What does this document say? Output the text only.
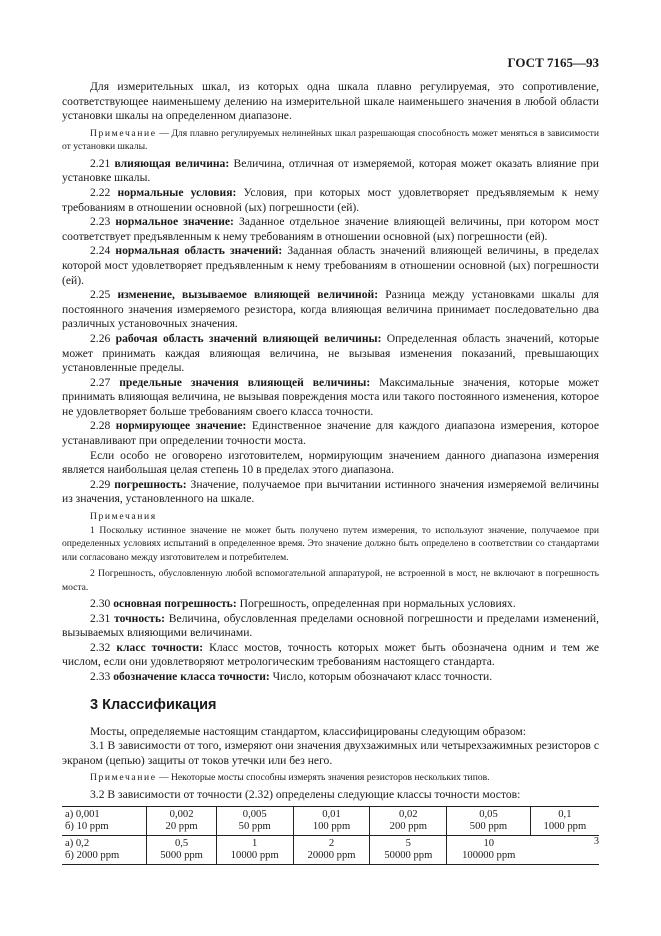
ГОСТ 7165—93

Для измерительных шкал, из которых одна шкала плавно регулируемая, это сопротивление, соответствующее наименьшему делению на измерительной шкале наименьшего значения в любой области установки шкалы на определенном диапазоне.

Примечание — Для плавно регулируемых нелинейных шкал разрешающая способность может меняться в зависимости от установки шкалы.

2.21 влияющая величина: Величина, отличная от измеряемой, которая может оказать влияние при установке шкалы.

2.22 нормальные условия: Условия, при которых мост удовлетворяет предъявляемым к нему требованиям в отношении основной (ых) погрешности (ей).

2.23 нормальное значение: Заданное отдельное значение влияющей величины, при котором мост соответствует предъявленным к нему требованиям в отношении основной (ых) погрешности (ей).

2.24 нормальная область значений: Заданная область значений влияющей величины, в пределах которой мост удовлетворяет предъявленным к нему требованиям в отношении основной (ых) погрешности (ей).

2.25 изменение, вызываемое влияющей величиной: Разница между установками шкалы для постоянного значения измеряемого резистора, когда влияющая величина принимает последовательно два различных установочных значения.

2.26 рабочая область значений влияющей величины: Определенная область значений, которые может принимать каждая влияющая величина, не вызывая изменения показаний, превышающих установленные пределы.

2.27 предельные значения влияющей величины: Максимальные значения, которые может принимать влияющая величина, не вызывая повреждения моста или такого постоянного изменения, которое не удовлетворяет больше требованиям своего класса точности.

2.28 нормирующее значение: Единственное значение для каждого диапазона измерения, которое устанавливают при определении точности моста.

Если особо не оговорено изготовителем, нормирующим значением данного диапазона измерения является наибольшая целая степень 10 в пределах этого диапазона.

2.29 погрешность: Значение, получаемое при вычитании истинного значения измеряемой величины из значения, установленного на шкале.

Примечания

1 Поскольку истинное значение не может быть получено путем измерения, то используют значение, получаемое при определенных условиях испытаний в определенное время. Это значение должно быть определено в соответствии со стандартами или согласовано между изготовителем и потребителем.

2 Погрешность, обусловленную любой вспомогательной аппаратурой, не встроенной в мост, не включают в погрешность моста.

2.30 основная погрешность: Погрешность, определенная при нормальных условиях.

2.31 точность: Величина, обусловленная пределами основной погрешности и пределами изменений, вызываемых влияющими величинами.

2.32 класс точности: Класс мостов, точность которых может быть обозначена одним и тем же числом, если они удовлетворяют метрологическим требованиям настоящего стандарта.

2.33 обозначение класса точности: Число, которым обозначают класс точности.

3 Классификация

Мосты, определяемые настоящим стандартом, классифицированы следующим образом:

3.1 В зависимости от того, измеряют они значения двухзажимных или четырехзажимных резисторов с экраном (цепью) защиты от токов утечки или без него.

Примечание — Некоторые мосты способны измерять значения резисторов нескольких типов.

3.2 В зависимости от точности (2.32) определены следующие классы точности мостов:

а) 0,001	0,002	0,005	0,01	0,02	0,05	0,1
б) 10 ppm	20 ppm	50 ppm	100 ppm	200 ppm	500 ppm	1000 ppm
а) 0,2	0,5	1	2	5	10	
б) 2000 ppm	5000 ppm	10000 ppm	20000 ppm	50000 ppm	100000 ppm	
3
